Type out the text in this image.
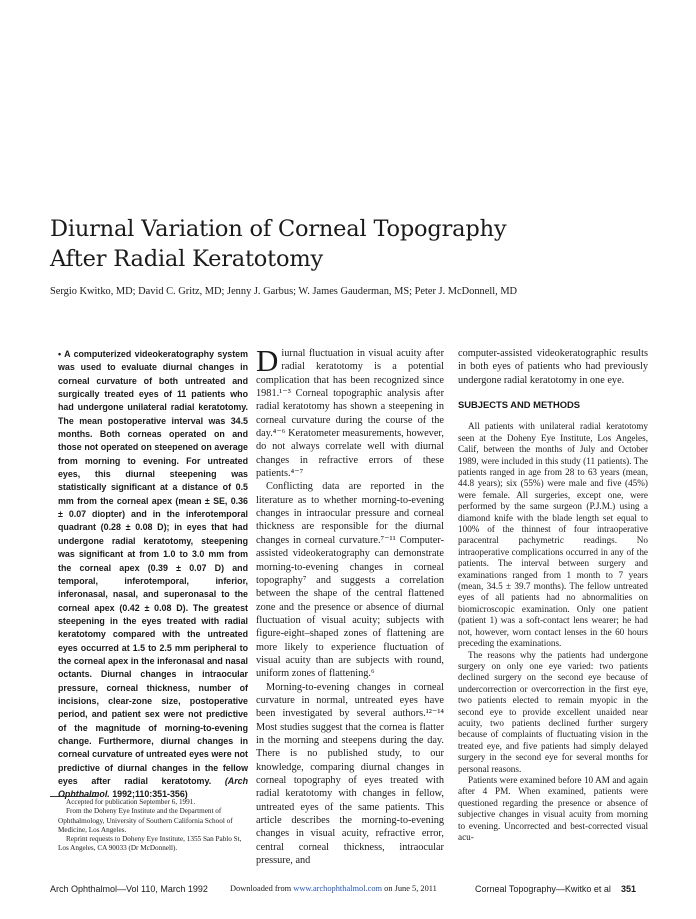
Diurnal Variation of Corneal Topography
After Radial Keratotomy
Sergio Kwitko, MD; David C. Gritz, MD; Jenny J. Garbus; W. James Gauderman, MS; Peter J. McDonnell, MD
• A computerized videokeratography system was used to evaluate diurnal changes in corneal curvature of both untreated and surgically treated eyes of 11 patients who had undergone unilateral radial keratotomy. The mean postoperative interval was 34.5 months. Both corneas operated on and those not operated on steepened on average from morning to evening. For untreated eyes, this diurnal steepening was statistically significant at a distance of 0.5 mm from the corneal apex (mean ± SE, 0.36 ± 0.07 diopter) and in the inferotemporal quadrant (0.28 ± 0.08 D); in eyes that had undergone radial keratotomy, steepening was significant at from 1.0 to 3.0 mm from the corneal apex (0.39 ± 0.07 D) and temporal, inferotemporal, inferior, inferonasal, nasal, and superonasal to the corneal apex (0.42 ± 0.08 D). The greatest steepening in the eyes treated with radial keratotomy compared with the untreated eyes occurred at 1.5 to 2.5 mm peripheral to the corneal apex in the inferonasal and nasal octants. Diurnal changes in intraocular pressure, corneal thickness, number of incisions, clear-zone size, postoperative period, and patient sex were not predictive of the magnitude of morning-to-evening change. Furthermore, diurnal changes in corneal curvature of untreated eyes were not predictive of diurnal changes in the fellow eyes after radial keratotomy. (Arch Ophthalmol. 1992;110:351-356)

Accepted for publication September 6, 1991.

From the Doheny Eye Institute and the Department of Ophthalmology, University of Southern California School of Medicine, Los Angeles.

Reprint requests to Doheny Eye Institute, 1355 San Pablo St, Los Angeles, CA 90033 (Dr McDonnell).

Diurnal fluctuation in visual acuity after radial keratotomy is a potential complication that has been recognized since 1981.¹⁻³ Corneal topographic analysis after radial keratotomy has shown a steepening in corneal curvature during the course of the day.⁴⁻⁶ Keratometer measurements, however, do not always correlate well with diurnal changes in refractive errors of these patients.⁴⁻⁷

Conflicting data are reported in the literature as to whether morning-to-evening changes in intraocular pressure and corneal thickness are responsible for the diurnal changes in corneal curvature.⁷⁻¹¹ Computer-assisted videokeratography can demonstrate morning-to-evening changes in corneal topography⁷ and suggests a correlation between the shape of the central flattened zone and the presence or absence of diurnal fluctuation of visual acuity; subjects with figure-eight–shaped zones of flattening are more likely to experience fluctuation of visual acuity than are subjects with round, uniform zones of flattening.⁶

Morning-to-evening changes in corneal curvature in normal, untreated eyes have been investigated by several authors.¹²⁻¹⁴ Most studies suggest that the cornea is flatter in the morning and steepens during the day. There is no published study, to our knowledge, comparing diurnal changes in corneal topography of eyes treated with radial keratotomy with changes in fellow, untreated eyes of the same patients. This article describes the morning-to-evening changes in visual acuity, refractive error, central corneal thickness, intraocular pressure, and

computer-assisted videokeratographic results in both eyes of patients who had previously undergone radial keratotomy in one eye.

SUBJECTS AND METHODS

All patients with unilateral radial keratotomy seen at the Doheny Eye Institute, Los Angeles, Calif, between the months of July and October 1989, were included in this study (11 patients). The patients ranged in age from 28 to 63 years (mean, 44.8 years); six (55%) were male and five (45%) were female. All surgeries, except one, were performed by the same surgeon (P.J.M.) using a diamond knife with the blade length set equal to 100% of the thinnest of four intraoperative paracentral pachymetric readings. No intraoperative complications occurred in any of the patients. The interval between surgery and examinations ranged from 1 month to 7 years (mean, 34.5 ± 39.7 months). The fellow untreated eyes of all patients had no abnormalities on biomicroscopic examination. Only one patient (patient 1) was a soft-contact lens wearer; he had not, however, worn contact lenses in the 60 hours preceding the examinations.

The reasons why the patients had undergone surgery on only one eye varied: two patients declined surgery on the second eye because of undercorrection or overcorrection in the first eye, two patients elected to remain myopic in the second eye to provide excellent unaided near acuity, two patients declined further surgery because of complaints of fluctuating vision in the treated eye, and five patients had simply delayed surgery in the second eye for several months for personal reasons.

Patients were examined before 10 AM and again after 4 PM. When examined, patients were questioned regarding the presence or absence of subjective changes in visual acuity from morning to evening. Uncorrected and best-corrected visual acu-

Arch Ophthalmol—Vol 110, March 1992	Downloaded from www.archophthalmol.com on June 5, 2011	Corneal Topography—Kwitko et al 351
